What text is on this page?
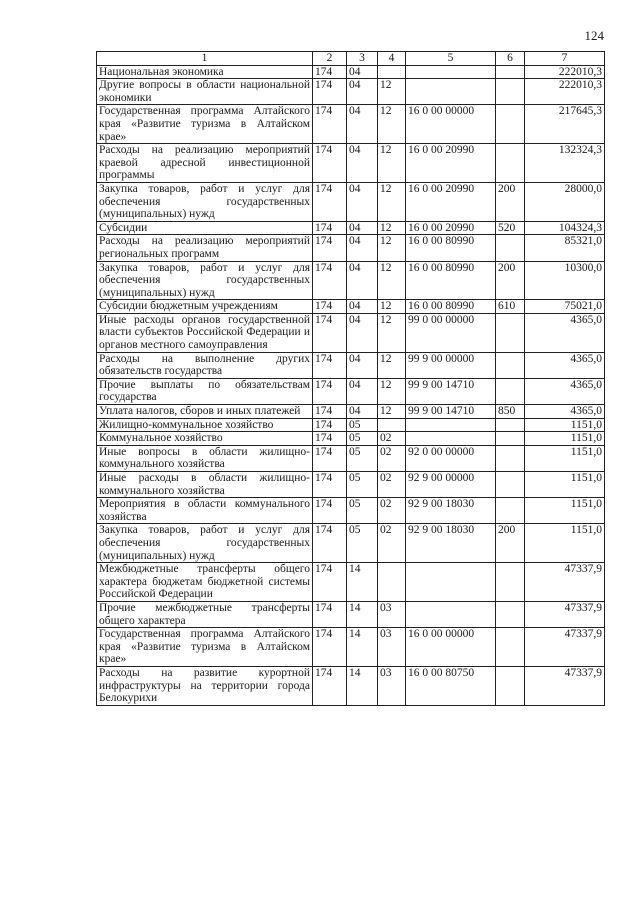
124
1	2	3	4	5	6	7
Национальная экономика	174	04				222010,3
Другие вопросы в области национальной экономики	174	04	12			222010,3
Государственная программа Алтайского края «Развитие туризма в Алтайском крае»	174	04	12	16 0 00 00000		217645,3
Расходы на реализацию мероприятий краевой адресной инвестиционной программы	174	04	12	16 0 00 20990		132324,3
Закупка товаров, работ и услуг для обеспечения государственных (муниципальных) нужд	174	04	12	16 0 00 20990	200	28000,0
Субсидии	174	04	12	16 0 00 20990	520	104324,3
Расходы на реализацию мероприятий региональных программ	174	04	12	16 0 00 80990		85321,0
Закупка товаров, работ и услуг для обеспечения государственных (муниципальных) нужд	174	04	12	16 0 00 80990	200	10300,0
Субсидии бюджетным учреждениям	174	04	12	16 0 00 80990	610	75021,0
Иные расходы органов государственной власти субъектов Российской Федерации и органов местного самоуправления	174	04	12	99 0 00 00000		4365,0
Расходы на выполнение других обязательств государства	174	04	12	99 9 00 00000		4365,0
Прочие выплаты по обязательствам государства	174	04	12	99 9 00 14710		4365,0
Уплата налогов, сборов и иных платежей	174	04	12	99 9 00 14710	850	4365,0
Жилищно-коммунальное хозяйство	174	05				1151,0
Коммунальное хозяйство	174	05	02			1151,0
Иные вопросы в области жилищно-коммунального хозяйства	174	05	02	92 0 00 00000		1151,0
Иные расходы в области жилищно-коммунального хозяйства	174	05	02	92 9 00 00000		1151,0
Мероприятия в области коммунального хозяйства	174	05	02	92 9 00 18030		1151,0
Закупка товаров, работ и услуг для обеспечения государственных (муниципальных) нужд	174	05	02	92 9 00 18030	200	1151,0
Межбюджетные трансферты общего характера бюджетам бюджетной системы Российской Федерации	174	14				47337,9
Прочие межбюджетные трансферты общего характера	174	14	03			47337,9
Государственная программа Алтайского края «Развитие туризма в Алтайском крае»	174	14	03	16 0 00 00000		47337,9
Расходы на развитие курортной инфраструктуры на территории города Белокурихи	174	14	03	16 0 00 80750		47337,9
